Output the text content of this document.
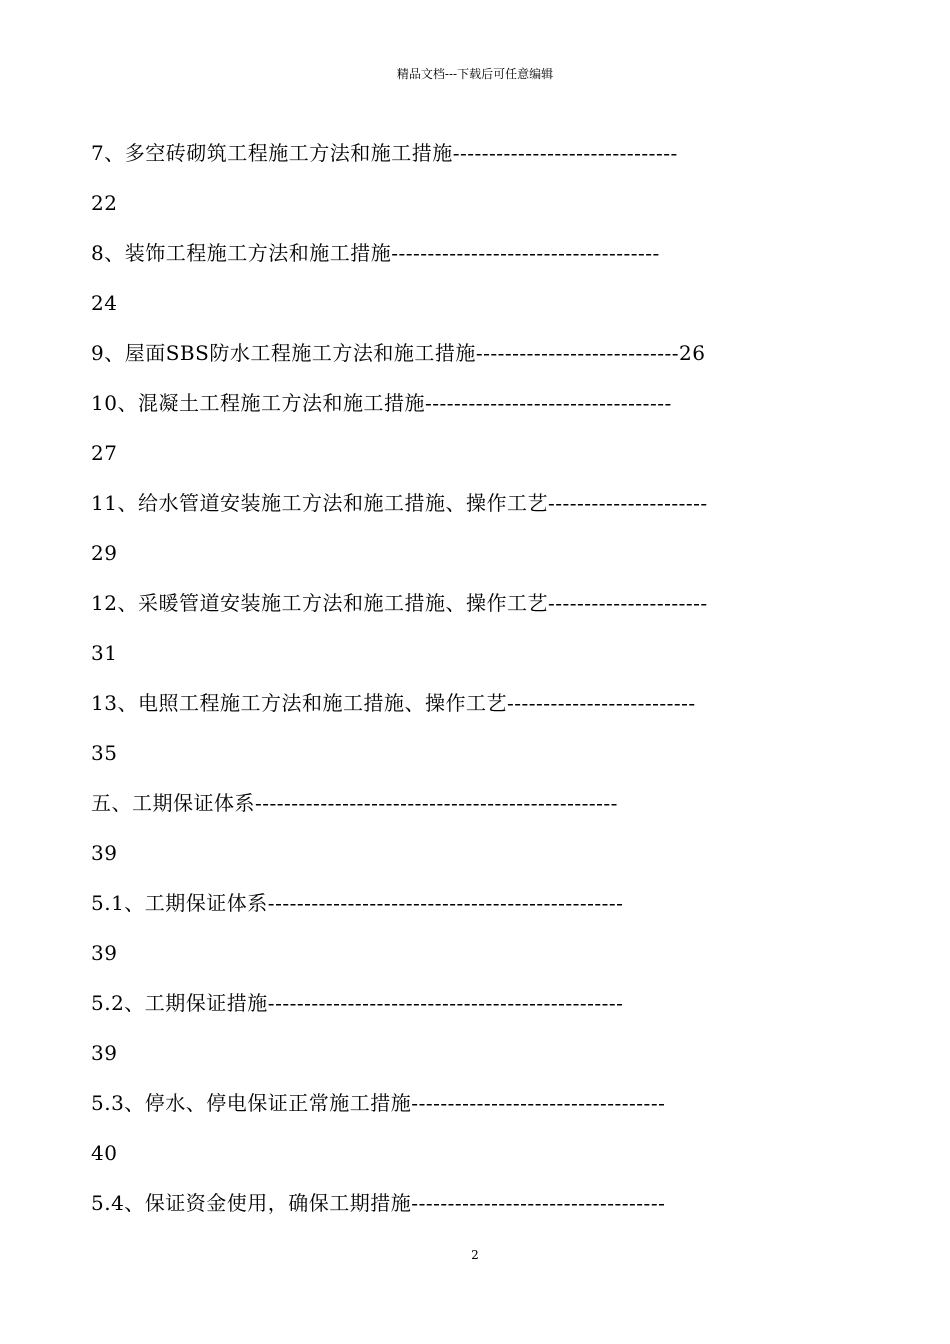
精品文档---下载后可任意编辑
7、多空砖砌筑工程施工方法和施工措施-------------------------------
22
8、装饰工程施工方法和施工措施-------------------------------------
24
9、屋面SBS防水工程施工方法和施工措施----------------------------26
10、混凝土工程施工方法和施工措施----------------------------------
27
11、给水管道安装施工方法和施工措施、操作工艺----------------------
29
12、采暖管道安装施工方法和施工措施、操作工艺----------------------
31
13、电照工程施工方法和施工措施、操作工艺--------------------------
35
五、工期保证体系--------------------------------------------------
39
5.1、工期保证体系-------------------------------------------------
39
5.2、工期保证措施-------------------------------------------------
39
5.3、停水、停电保证正常施工措施-----------------------------------
40
5.4、保证资金使用，确保工期措施-----------------------------------
2
